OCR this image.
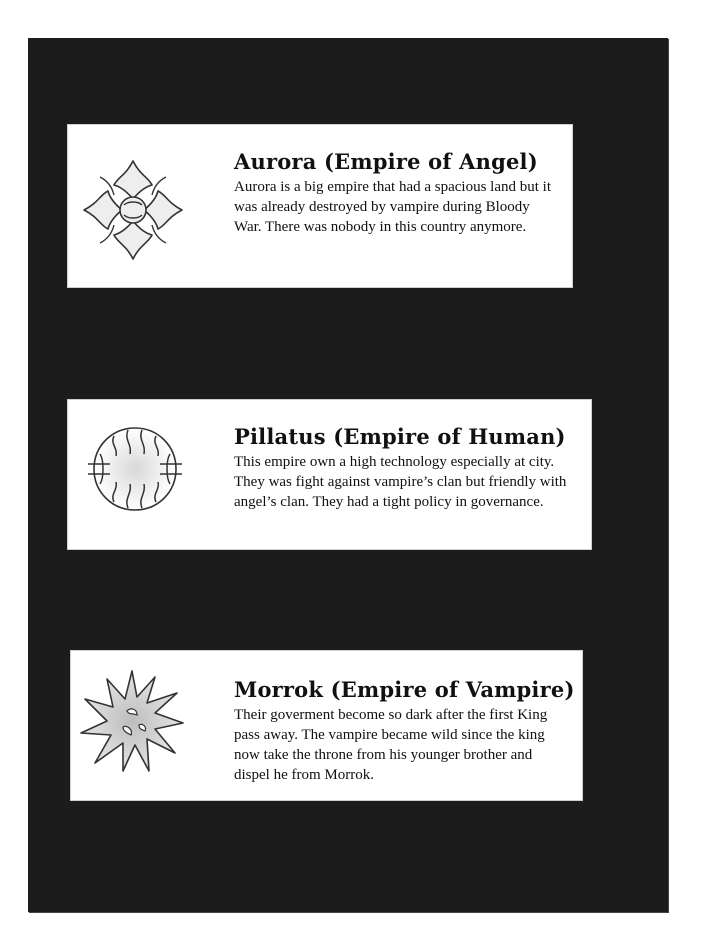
Aurora (Empire of Angel)
Aurora is a big empire that had a spacious land but it was already destroyed by vampire during Bloody War. There was nobody in this country anymore.
Pillatus (Empire of Human)
This empire own a high technology especially at city. They was fight against vampire’s clan but friendly with angel’s clan. They had a tight policy in governance.
Morrok (Empire of Vampire)
Their goverment become so dark after the first King pass away. The vampire became wild since the king now take the throne from his younger brother and dispel he from Morrok.
